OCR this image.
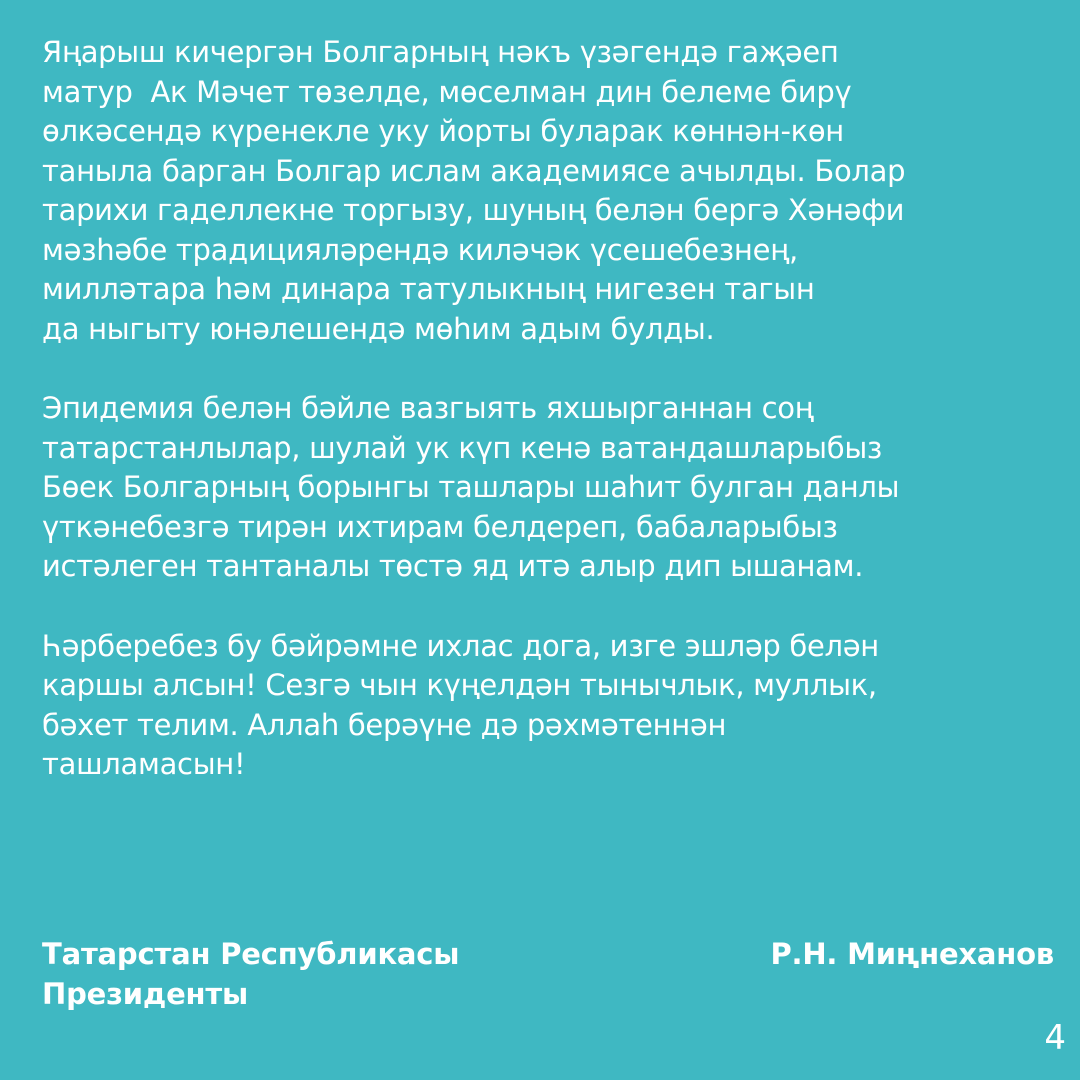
Яңарыш кичергән Болгарның нәкъ үзәгендә гаҗәеп
матур  Ак Мәчет төзелде, мөселман дин белеме бирү
өлкәсендә күренекле уку йорты буларак көннән-көн
танылa барган Болгар ислам академиясе ачылды. Болар
тарихи гаделлекне торгызу, шуның белән бергә Хәнәфи
мәзһәбе традицияләрендә киләчәк үсешебезнең,
милләтара һәм динара татулыкның нигезен тагын
да ныгыту юнәлешендә мөһим адым булды.
Эпидемия белән бәйле вазгыять яхшырганнан соң
татарстанлылар, шулай ук күп кенә ватандашларыбыз
Бөек Болгарның борынгы ташлары шаһит булган данлы
үткәнебезгә тирән ихтирам белдереп, бабаларыбыз
истәлеген тантаналы төстә яд итә алыр дип ышанам.
Һәрберебез бу бәйрәмне ихлас дога, изге эшләр белән
каршы алсын! Сезгә чын күңелдән тынычлык, муллык,
бәхет телим. Аллаһ берәүне дә рәхмәтеннән
ташламасын!
Татарстан Республикасы
Президенты
Р.Н. Миңнеханов
4
